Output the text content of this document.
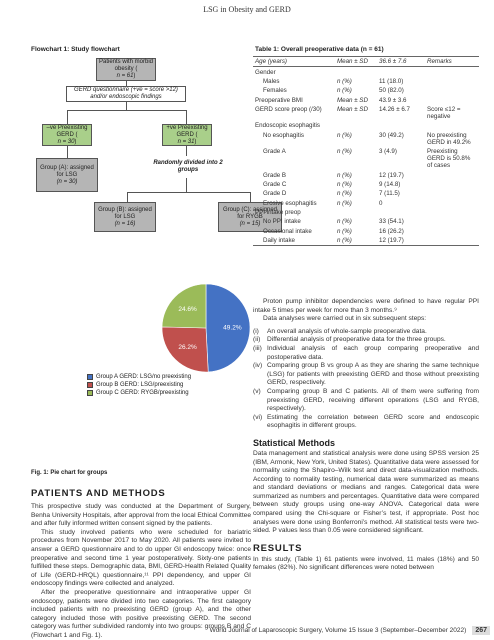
LSG in Obesity and GERD
Flowchart 1: Study flowchart
Patients with morbid obesity (
n = 61)
GERD questionnaire (+ve = score >12) and/or endoscopic findings
–ve Preexisting GERD (
n = 30)
+ve Preexisting GERD (
n = 31)
Group (A): assigned for LSG
(n = 30)
Randomly divided into 2 groups
Group (B): assigned for LSG
(n = 16)
Group (C): assigned for RYGB
(n = 15)
49.2%
26.2%
24.6%
Group A GERD: LSG/no preexisting
Group B GERD: LSG/preexisting
Group C GERD: RYGB/preexisting
Fig. 1: Pie chart for groups
PATIENTS AND METHODS

This prospective study was conducted at the Department of Surgery, Benha University Hospitals, after approval from the local Ethical Committee and after fully informed written consent signed by the patients.

This study involved patients who were scheduled for bariatric procedures from November 2017 to May 2020. All patients were invited to answer a GERD questionnaire and to do upper GI endoscopy twice: once preoperative and second time 1 year postoperatively. Sixty-one patients fulfilled these steps. Demographic data, BMI, GERD-Health Related Quality of Life (GERD-HRQL) questionnaire,¹¹ PPI dependency, and upper GI endoscopy findings were collected and analyzed.

After the preoperative questionnaire and intraoperative upper GI endoscopy, patients were divided into two categories. The first category included patients with no preexisting GERD (group A), and the other category included those with positive preexisting GERD. The second category was further subdivided randomly into two groups: groups B and C (Flowchart 1 and Fig. 1).

Table 1: Overall preoperative data (n = 61)
Age (years)	Mean ± SD	36.6 ± 7.6	Remarks
Gender			
Males	n (%)	11 (18.0)	
Females	n (%)	50 (82.0)	
Preoperative BMI	Mean ± SD	43.9 ± 3.6	
GERD score preop (/30)	Mean ± SD	14.26 ± 6.7	Score ≤12 = negative
Endoscopic esophagitis			
No esophagitis	n (%)	30 (49.2)	No preexisting GERD in 49.2%
Grade A	n (%)	3 (4.9)	Preexisting GERD is 50.8% of cases
Grade B	n (%)	12 (19.7)	
Grade C	n (%)	9 (14.8)	
Grade D	n (%)	7 (11.5)	
Erosive esophagitis	n (%)	0	
PPI intake preop			
No PPI intake	n (%)	33 (54.1)	
Occasional intake	n (%)	16 (26.2)	
Daily intake	n (%)	12 (19.7)	

Proton pump inhibitor dependencies were defined to have regular PPI intake 5 times per week for more than 3 months.⁹

Data analyses were carried out in six subsequent steps:

(i)	An overall analysis of whole-sample preoperative data.
(ii)	Differential analysis of preoperative data for the three groups.
(iii) Individual analysis of each group comparing preoperative and postoperative data.
(iv) Comparing group B vs group A as they are sharing the same technique (LSG) for patients with preexisting GERD and those without preexisting GERD, respectively.
(v) Comparing group B and C patients. All of them were suffering from preexisting GERD, receiving different operations (LSG and RYGB, respectively).
(vi) Estimating the correlation between GERD score and endoscopic esophagitis in different groups.
Statistical Methods

Data management and statistical analysis were done using SPSS version 25 (IBM, Armonk, New York, United States). Quantitative data were assessed for normality using the Shapiro–Wilk test and direct data-visualization methods. According to normality testing, numerical data were summarized as means and standard deviations or medians and ranges. Categorical data were summarized as numbers and percentages. Quantitative data were compared between study groups using one-way ANOVA. Categorical data were compared using the Chi-square or Fisher’s test, if appropriate. Post hoc analyses were done using Bonferroni’s method. All statistical tests were two-sided. P values less than 0.05 were considered significant.

RESULTS

In this study, (Table 1) 61 patients were involved, 11 males (18%) and 50 females (82%). No significant differences were noted between

World Journal of Laparoscopic Surgery, Volume 15 Issue 3 (September–December 2022)	267
